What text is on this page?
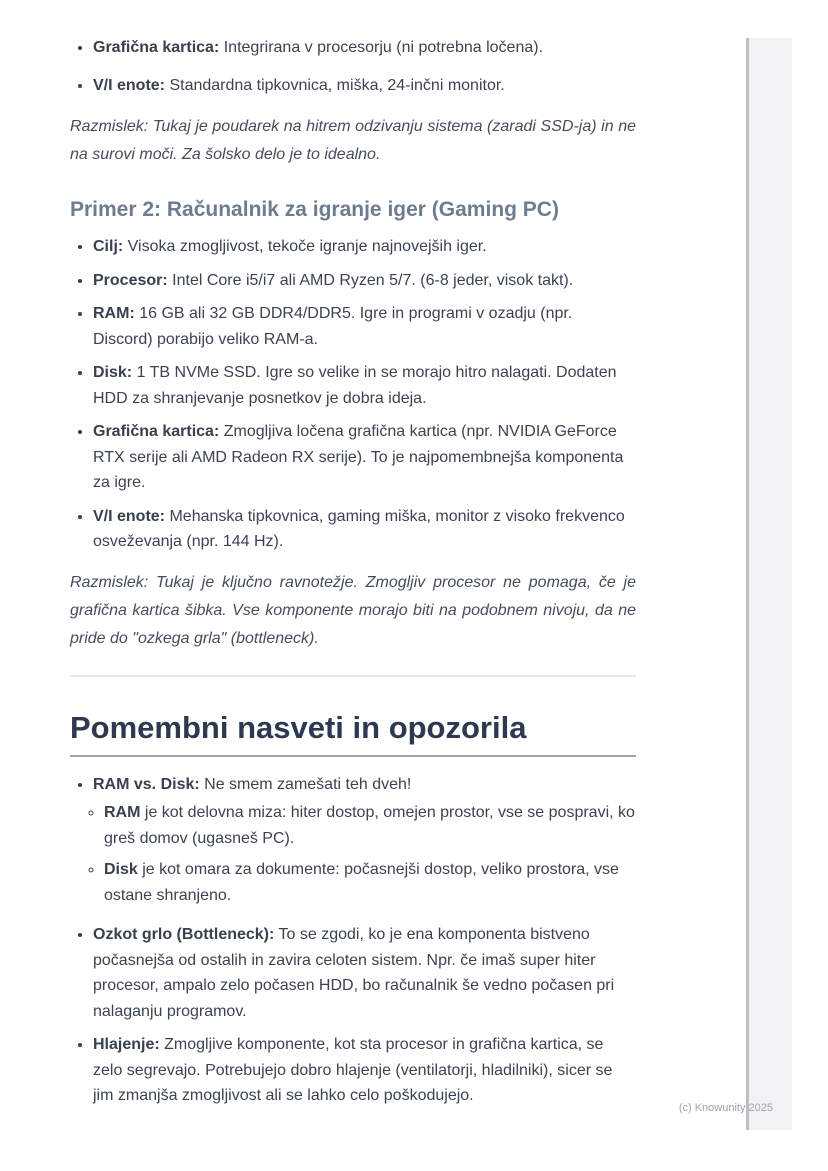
• Grafična kartica: Integrirana v procesorju (ni potrebna ločena).
• V/I enote: Standardna tipkovnica, miška, 24-inčni monitor.

Razmislek: Tukaj je poudarek na hitrem odzivanju sistema (zaradi SSD-ja) in ne na surovi moči. Za šolsko delo je to idealno.

Primer 2: Računalnik za igranje iger (Gaming PC)
• Cilj: Visoka zmogljivost, tekoče igranje najnovejših iger.
• Procesor: Intel Core i5/i7 ali AMD Ryzen 5/7. (6-8 jeder, visok takt).
• RAM: 16 GB ali 32 GB DDR4/DDR5. Igre in programi v ozadju (npr. Discord) porabijo veliko RAM-a.
• Disk: 1 TB NVMe SSD. Igre so velike in se morajo hitro nalagati. Dodaten HDD za shranjevanje posnetkov je dobra ideja.
• Grafična kartica: Zmogljiva ločena grafična kartica (npr. NVIDIA GeForce RTX serije ali AMD Radeon RX serije). To je najpomembnejša komponenta za igre.
• V/I enote: Mehanska tipkovnica, gaming miška, monitor z visoko frekvenco osveževanja (npr. 144 Hz).

Razmislek: Tukaj je ključno ravnotežje. Zmogljiv procesor ne pomaga, če je grafična kartica šibka. Vse komponente morajo biti na podobnem nivoju, da ne pride do "ozkega grla" (bottleneck).

Pomembni nasveti in opozorila
• RAM vs. Disk: Ne smem zamešati teh dveh!
◦ RAM je kot delovna miza: hiter dostop, omejen prostor, vse se pospravi, ko greš domov (ugasneš PC).
◦ Disk je kot omara za dokumente: počasnejši dostop, veliko prostora, vse ostane shranjeno.
• Ozkot grlo (Bottleneck): To se zgodi, ko je ena komponenta bistveno počasnejša od ostalih in zavira celoten sistem. Npr. če imaš super hiter procesor, ampalo zelo počasen HDD, bo računalnik še vedno počasen pri nalaganju programov.
• Hlajenje: Zmogljive komponente, kot sta procesor in grafična kartica, se zelo segrevajo. Potrebujejo dobro hlajenje (ventilatorji, hladilniki), sicer se jim zmanjša zmogljivost ali se lahko celo poškodujejo.
(c) Knowunity 2025
